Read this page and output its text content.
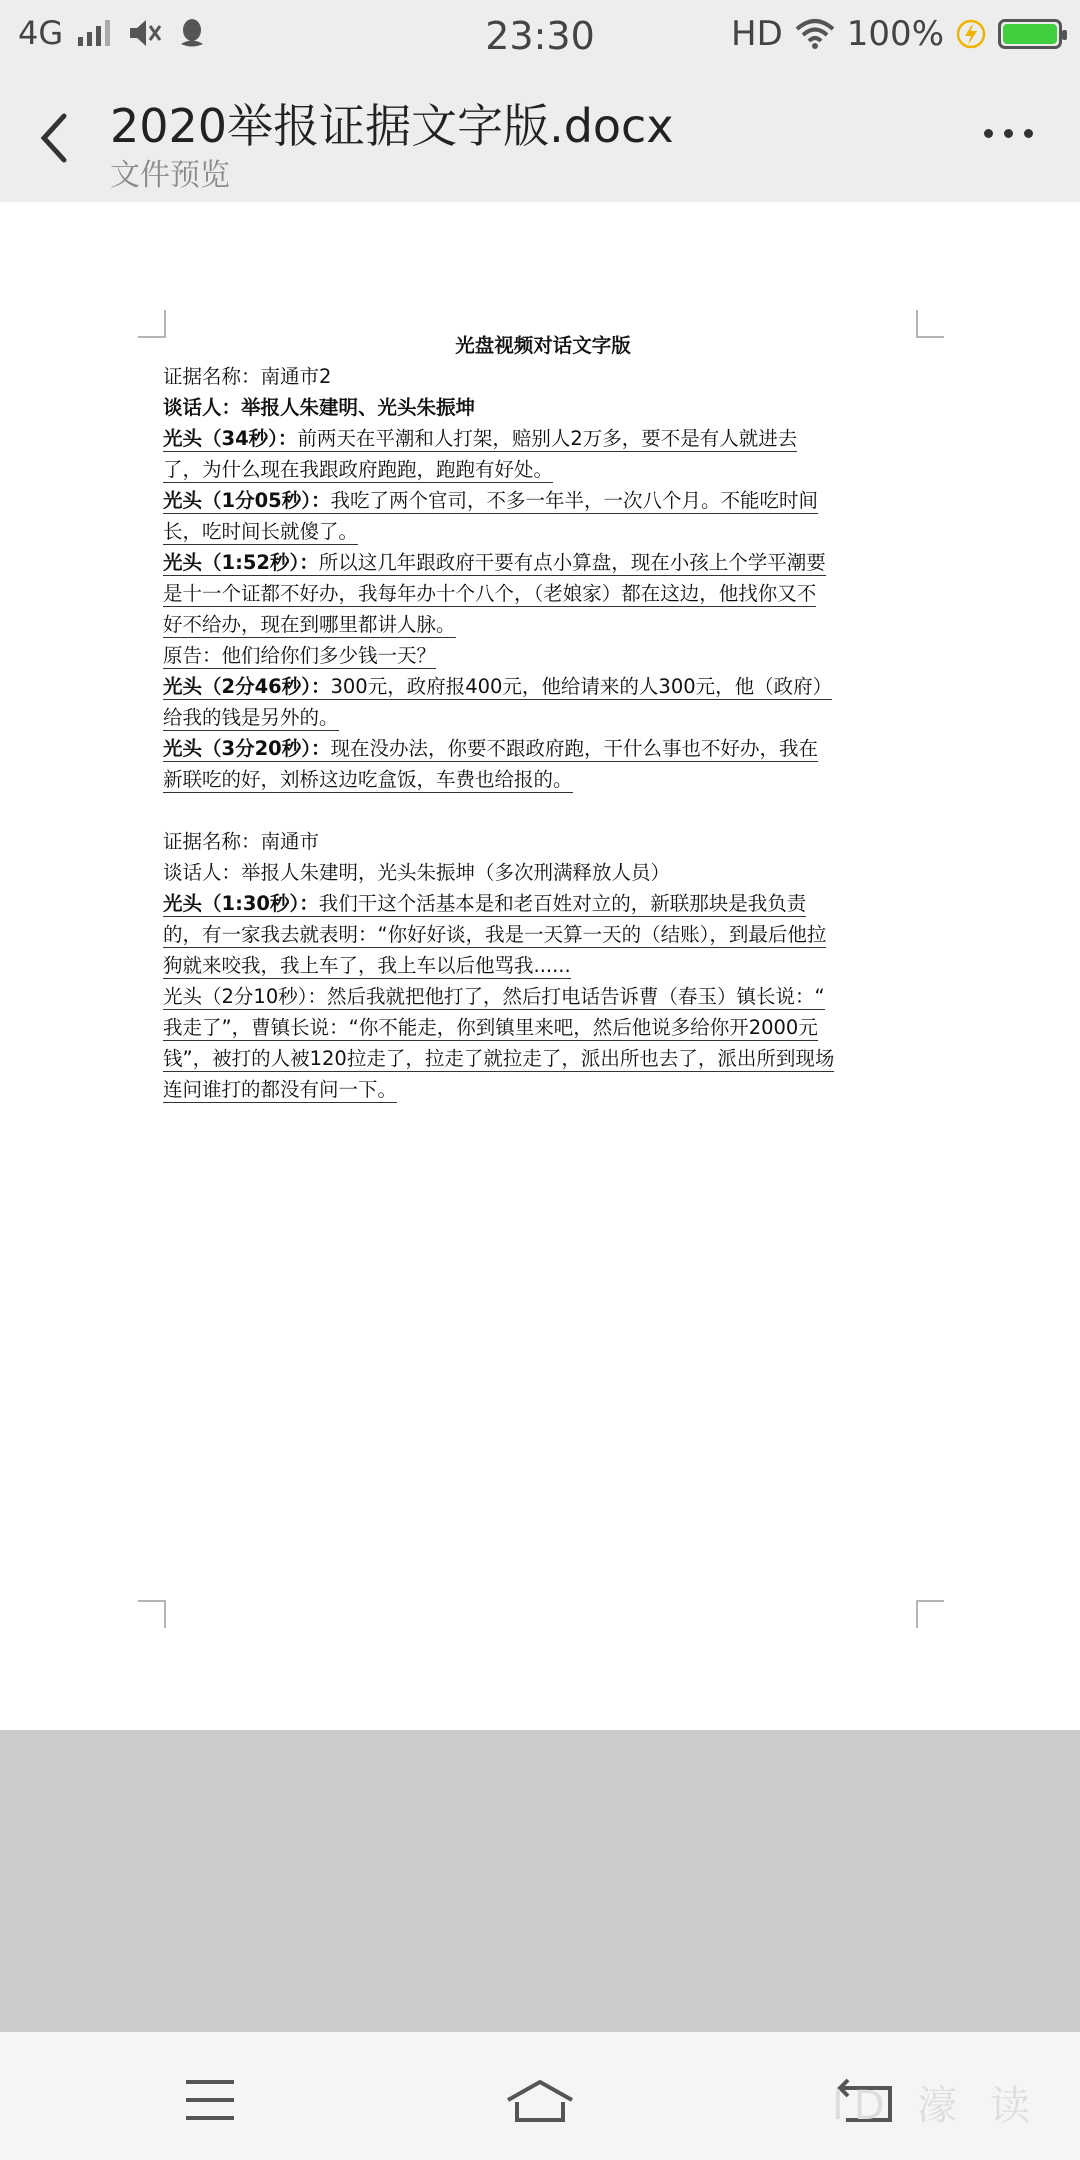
4G	23:30	HD 100%
2020举报证据文字版.docx
文件预览
光盘视频对话文字版
证据名称：南通市2
谈话人：举报人朱建明、光头朱振坤
光头（34秒）：前两天在平潮和人打架，赔别人2万多，要不是有人就进去
了，为什么现在我跟政府跑跑，跑跑有好处。
光头（1分05秒）：我吃了两个官司，不多一年半，一次八个月。不能吃时间
长，吃时间长就傻了。
光头（1:52秒）：所以这几年跟政府干要有点小算盘，现在小孩上个学平潮要
是十一个证都不好办，我每年办十个八个，（老娘家）都在这边，他找你又不
好不给办，现在到哪里都讲人脉。
原告：他们给你们多少钱一天？
光头（2分46秒）：300元，政府报400元，他给请来的人300元，他（政府）
给我的钱是另外的。
光头（3分20秒）：现在没办法，你要不跟政府跑，干什么事也不好办，我在
新联吃的好，刘桥这边吃盒饭，车费也给报的。
证据名称：南通市
谈话人：举报人朱建明，光头朱振坤（多次刑满释放人员）
光头（1:30秒）：我们干这个活基本是和老百姓对立的，新联那块是我负责
的，有一家我去就表明：“你好好谈，我是一天算一天的（结账），到最后他拉
狗就来咬我，我上车了，我上车以后他骂我......
光头（2分10秒）：然后我就把他打了，然后打电话告诉曹（春玉）镇长说：“
我走了”，曹镇长说：“你不能走，你到镇里来吧，然后他说多给你开2000元
钱”，被打的人被120拉走了，拉走了就拉走了，派出所也去了，派出所到现场
连问谁打的都没有问一下。
ID 濠 读
